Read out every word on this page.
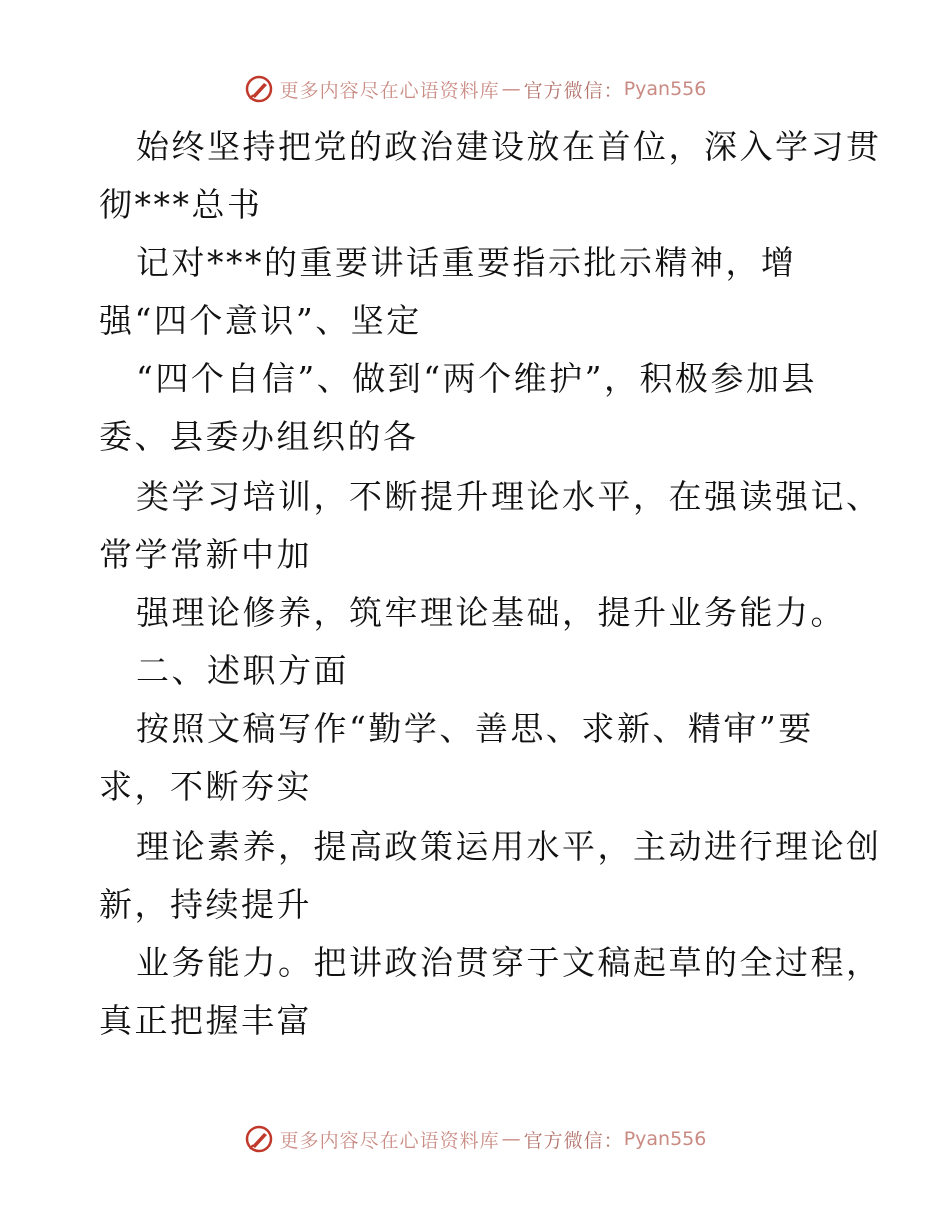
更多内容尽在心语资料库 — 官方微信： Pyan556
始终坚持把党的政治建设放在首位，深入学习贯
彻***总书
记对***的重要讲话重要指示批示精神，增
强“四个意识”、坚定
“四个自信”、做到“两个维护”，积极参加县
委、县委办组织的各
类学习培训，不断提升理论水平，在强读强记、
常学常新中加
强理论修养，筑牢理论基础，提升业务能力。
二、述职方面
按照文稿写作“勤学、善思、求新、精审”要
求，不断夯实
理论素养，提高政策运用水平，主动进行理论创
新，持续提升
业务能力。把讲政治贯穿于文稿起草的全过程，
真正把握丰富
更多内容尽在心语资料库 — 官方微信： Pyan556
